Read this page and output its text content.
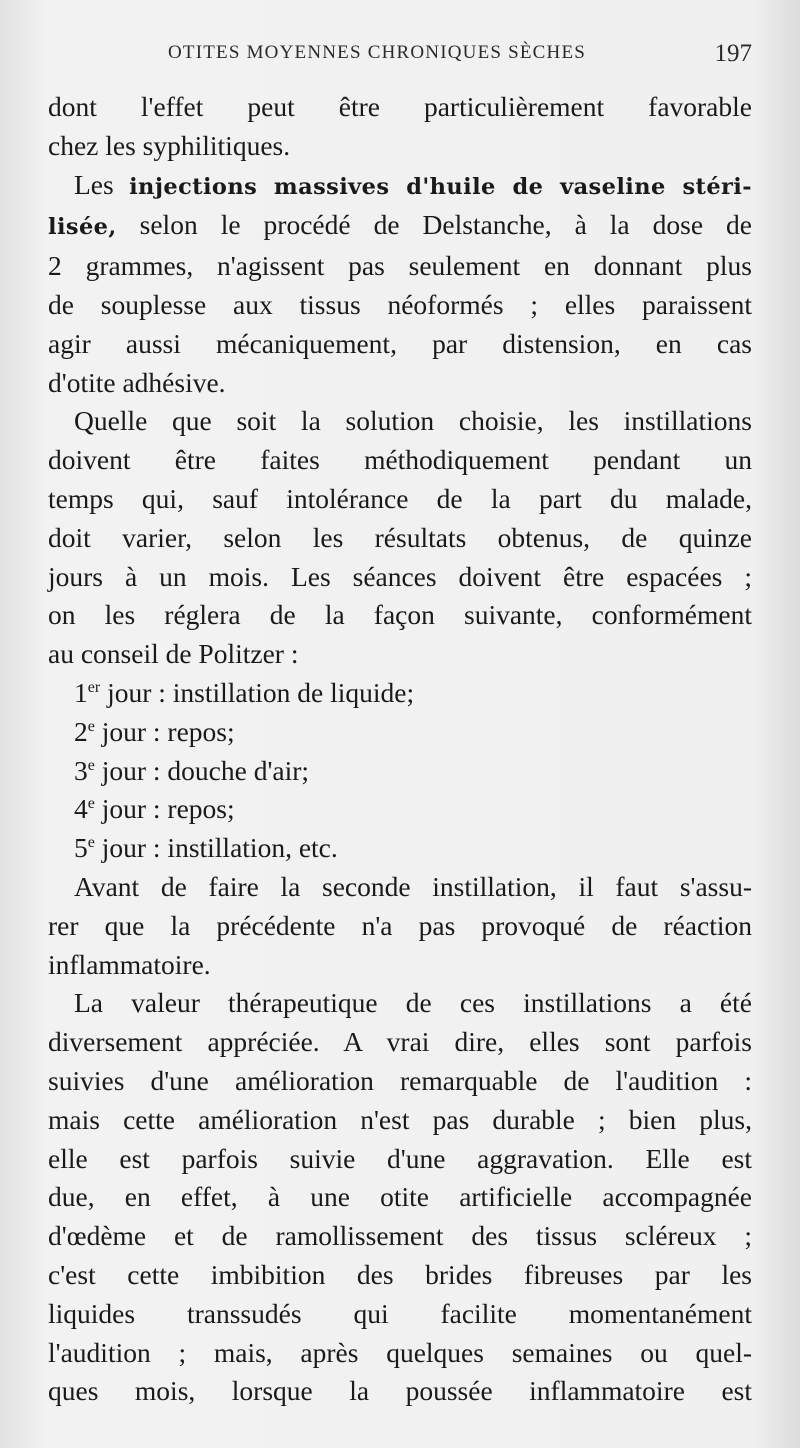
OTITES MOYENNES CHRONIQUES SÈCHES	197

dont l'effet peut être particulièrement favorable
chez les syphilitiques.

Les injections massives d'huile de vaseline stéri-
lisée, selon le procédé de Delstanche, à la dose de
2 grammes, n'agissent pas seulement en donnant plus
de souplesse aux tissus néoformés ; elles paraissent
agir aussi mécaniquement, par distension, en cas
d'otite adhésive.

Quelle que soit la solution choisie, les instillations
doivent être faites méthodiquement pendant un
temps qui, sauf intolérance de la part du malade,
doit varier, selon les résultats obtenus, de quinze
jours à un mois. Les séances doivent être espacées ;
on les réglera de la façon suivante, conformément
au conseil de Politzer :

1er jour : instillation de liquide;
2e jour : repos;
3e jour : douche d'air;
4e jour : repos;
5e jour : instillation, etc.

Avant de faire la seconde instillation, il faut s'assu-
rer que la précédente n'a pas provoqué de réaction
inflammatoire.

La valeur thérapeutique de ces instillations a été
diversement appréciée. A vrai dire, elles sont parfois
suivies d'une amélioration remarquable de l'audition :
mais cette amélioration n'est pas durable ; bien plus,
elle est parfois suivie d'une aggravation. Elle est
due, en effet, à une otite artificielle accompagnée
d'œdème et de ramollissement des tissus scléreux ;
c'est cette imbibition des brides fibreuses par les
liquides transsudés qui facilite momentanément
l'audition ; mais, après quelques semaines ou quel-
ques mois, lorsque la poussée inflammatoire est
